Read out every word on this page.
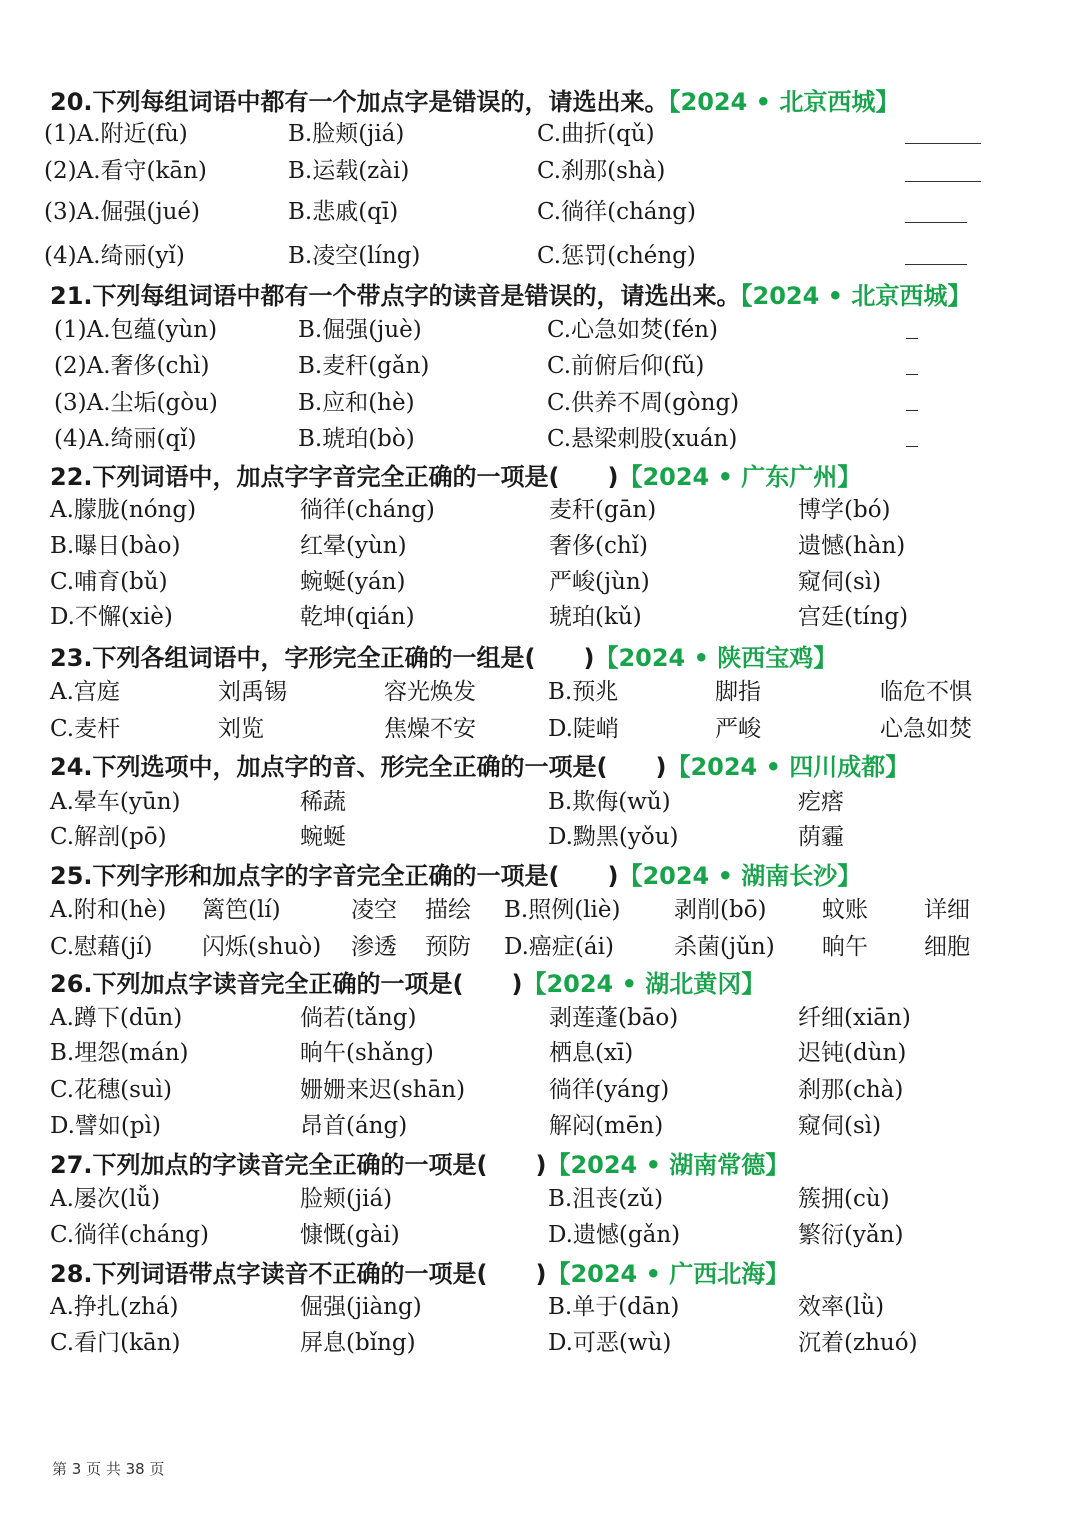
20.下列每组词语中都有一个加点字是错误的，请选出来。【2024 • 北京西城】
(1)A.附近(fù)	B.脸颊(jiá)	C.曲折(qǔ)
(2)A.看守(kān)	B.运载(zài)	C.刹那(shà)
(3)A.倔强(jué)	B.悲戚(qī)	C.徜徉(cháng)
(4)A.绮丽(yǐ)	B.凌空(líng)	C.惩罚(chéng)
21.下列每组词语中都有一个带点字的读音是错误的，请选出来。【2024 • 北京西城】
(1)A.包蕴(yùn)	B.倔强(juè)	C.心急如焚(fén)
(2)A.奢侈(chì)	B.麦秆(gǎn)	C.前俯后仰(fǔ)
(3)A.尘垢(gòu)	B.应和(hè)	C.供养不周(gòng)
(4)A.绮丽(qǐ)	B.琥珀(bò)	C.悬梁刺股(xuán)
22.下列词语中，加点字字音完全正确的一项是(　　)【2024 • 广东广州】
A.朦胧(nóng)	徜徉(cháng)	麦秆(gān)	博学(bó)
B.曝日(bào)	红晕(yùn)	奢侈(chǐ)	遗憾(hàn)
C.哺育(bǔ)	蜿蜒(yán)	严峻(jùn)	窥伺(sì)
D.不懈(xiè)	乾坤(qián)	琥珀(kǔ)	宫廷(tíng)
23.下列各组词语中，字形完全正确的一组是(　　)【2024 • 陕西宝鸡】
A.宫庭	刘禹锡	容光焕发	B.预兆	脚指	临危不惧
C.麦杆	刘览	焦燥不安	D.陡峭	严峻	心急如焚
24.下列选项中，加点字的音、形完全正确的一项是(　　)【2024 • 四川成都】
A.晕车(yūn)	稀蔬	B.欺侮(wǔ)	疙瘩
C.解剖(pō)	蜿蜒	D.黝黑(yǒu)	荫霾
25.下列字形和加点字的字音完全正确的一项是(　　)【2024 • 湖南长沙】
A.附和(hè) 篱笆(lí)	凌空 描绘 B.照例(liè) 剥削(bō) 蚊账 详细
C.慰藉(jí) 闪烁(shuò) 渗透 预防 D.癌症(ái)	杀菌(jǔn) 晌午 细胞
26.下列加点字读音完全正确的一项是(　　)【2024 • 湖北黄冈】
A.蹲下(dūn)	倘若(tǎng)	剥莲蓬(bāo)	纤细(xiān)
B.埋怨(mán)	晌午(shǎng)	栖息(xī)	迟钝(dùn)
C.花穗(suì)	姗姗来迟(shān)	徜徉(yáng)	刹那(chà)
D.譬如(pì)	昂首(áng)	解闷(mēn)	窥伺(sì)
27.下列加点的字读音完全正确的一项是(　　)【2024 • 湖南常德】
A.屡次(lǚ)	脸颊(jiá)	B.沮丧(zǔ)	簇拥(cù)
C.徜徉(cháng)	慷慨(gài)	D.遗憾(gǎn)	繁衍(yǎn)
28.下列词语带点字读音不正确的一项是(　　)【2024 • 广西北海】
A.挣扎(zhá)	倔强(jiàng)	B.单于(dān)	效率(lǜ)
C.看门(kān)	屏息(bǐng)	D.可恶(wù)	沉着(zhuó)
第 3 页 共 38 页
